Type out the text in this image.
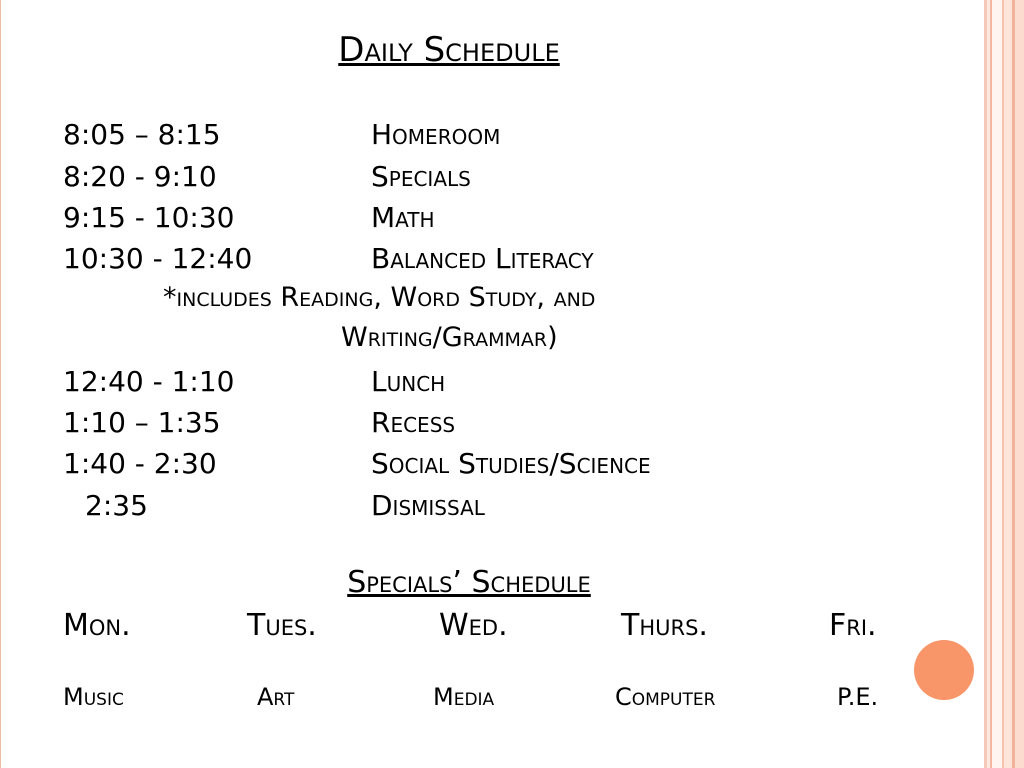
Daily Schedule
8:05 – 8:15	Homeroom
8:20 - 9:10	Specials
9:15 - 10:30	Math
10:30 - 12:40	Balanced Literacy
*includes Reading, Word Study, and
Writing/Grammar)
12:40 - 1:10	Lunch
1:10 – 1:35	Recess
1:40 - 2:30	Social Studies/Science
2:35	Dismissal
Specials’ Schedule
Mon.	Tues.	Wed.	Thurs.	Fri.
Music	Art	Media	Computer	P.E.
